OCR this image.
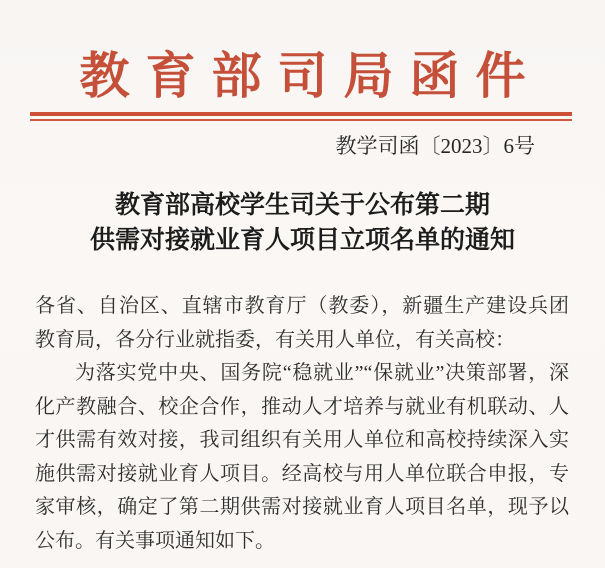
教育部司局函件
教学司函〔2023〕6号
教育部高校学生司关于公布第二期
供需对接就业育人项目立项名单的通知
各省、自治区、直辖市教育厅（教委），新疆生产建设兵团
教育局，各分行业就指委，有关用人单位，有关高校：
为落实党中央、国务院“稳就业”“保就业”决策部署，深
化产教融合、校企合作，推动人才培养与就业有机联动、人
才供需有效对接，我司组织有关用人单位和高校持续深入实
施供需对接就业育人项目。经高校与用人单位联合申报，专
家审核，确定了第二期供需对接就业育人项目名单，现予以
公布。有关事项通知如下。
